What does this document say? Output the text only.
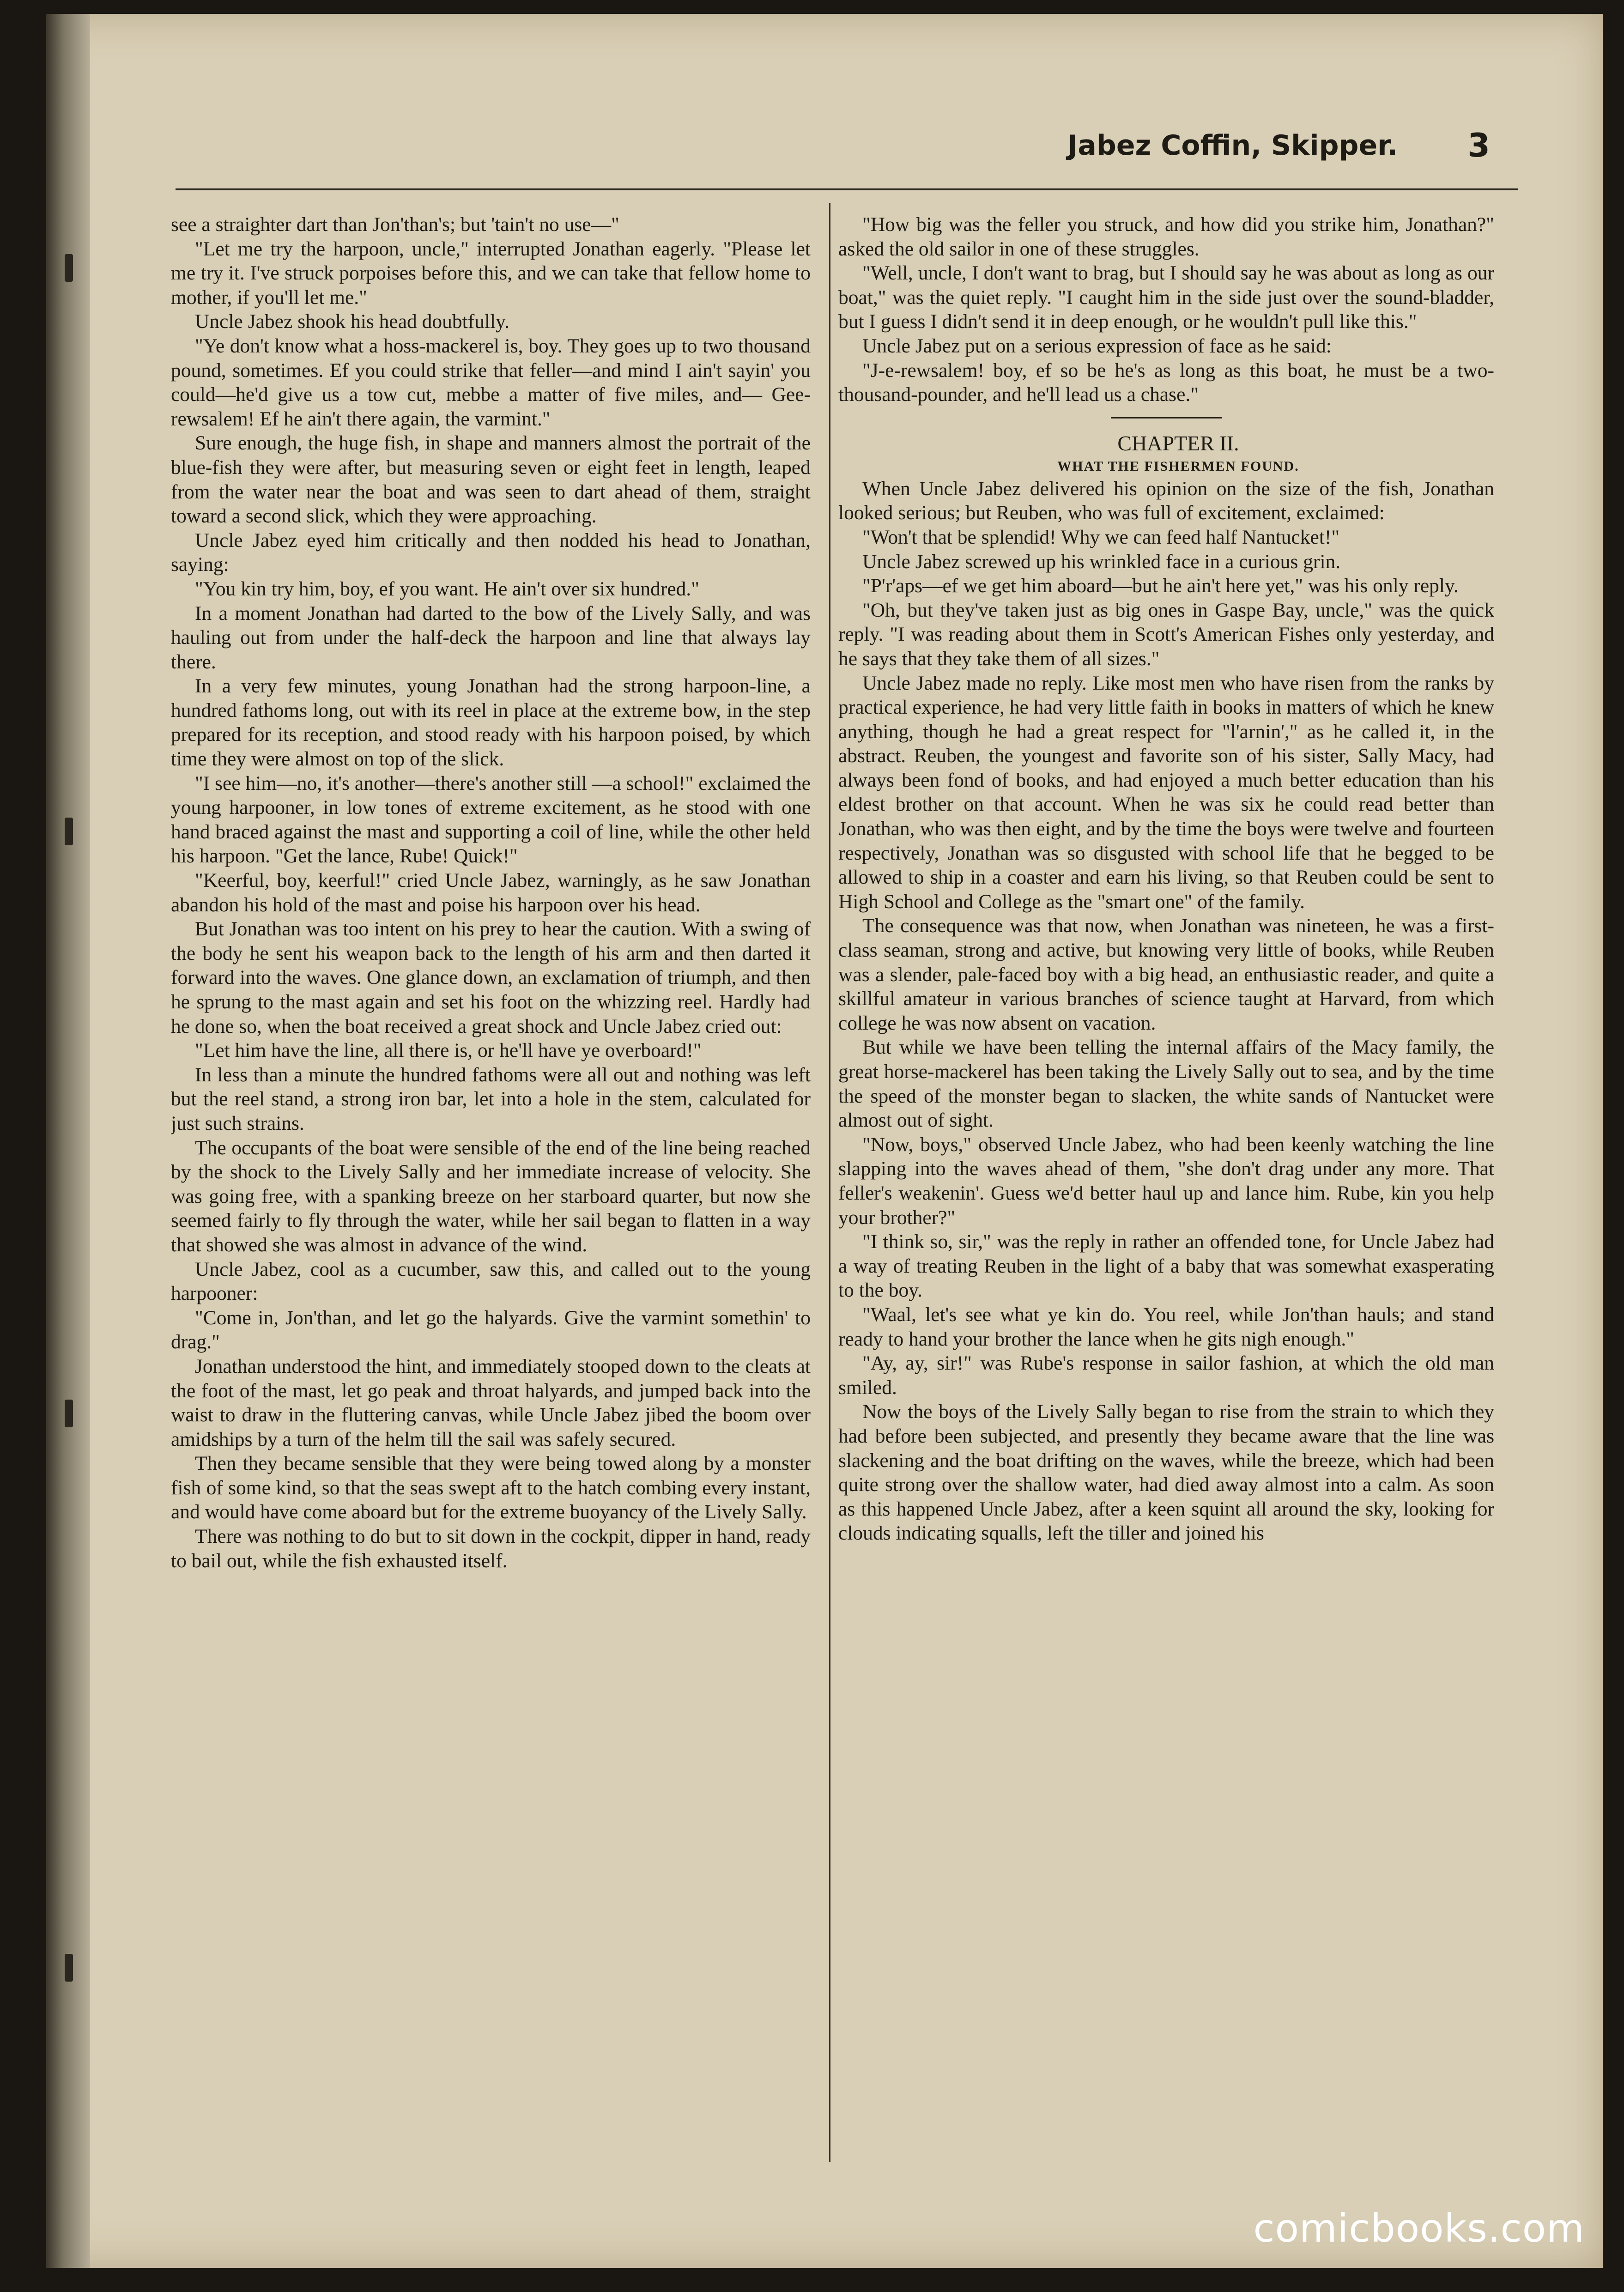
Jabez Coffin, Skipper. 3

see a straighter dart than Jon'than's; but 'tain't no use—"

"Let me try the harpoon, uncle," interrupted Jonathan eagerly. "Please let me try it. I've struck porpoises before this, and we can take that fellow home to mother, if you'll let me."

Uncle Jabez shook his head doubtfully.

"Ye don't know what a hoss-mackerel is, boy. They goes up to two thousand pound, sometimes. Ef you could strike that feller—and mind I ain't sayin' you could—he'd give us a tow cut, mebbe a matter of five miles, and— Gee-rewsalem! Ef he ain't there again, the varmint."

Sure enough, the huge fish, in shape and manners almost the portrait of the blue-fish they were after, but measuring seven or eight feet in length, leaped from the water near the boat and was seen to dart ahead of them, straight toward a second slick, which they were approaching.

Uncle Jabez eyed him critically and then nodded his head to Jonathan, saying:

"You kin try him, boy, ef you want. He ain't over six hundred."

In a moment Jonathan had darted to the bow of the Lively Sally, and was hauling out from under the half-deck the harpoon and line that always lay there.

In a very few minutes, young Jonathan had the strong harpoon-line, a hundred fathoms long, out with its reel in place at the extreme bow, in the step prepared for its reception, and stood ready with his harpoon poised, by which time they were almost on top of the slick.

"I see him—no, it's another—there's another still —a school!" exclaimed the young harpooner, in low tones of extreme excitement, as he stood with one hand braced against the mast and supporting a coil of line, while the other held his harpoon. "Get the lance, Rube! Quick!"

"Keerful, boy, keerful!" cried Uncle Jabez, warningly, as he saw Jonathan abandon his hold of the mast and poise his harpoon over his head.

But Jonathan was too intent on his prey to hear the caution. With a swing of the body he sent his weapon back to the length of his arm and then darted it forward into the waves. One glance down, an exclamation of triumph, and then he sprung to the mast again and set his foot on the whizzing reel. Hardly had he done so, when the boat received a great shock and Uncle Jabez cried out:

"Let him have the line, all there is, or he'll have ye overboard!"

In less than a minute the hundred fathoms were all out and nothing was left but the reel stand, a strong iron bar, let into a hole in the stem, calculated for just such strains.

The occupants of the boat were sensible of the end of the line being reached by the shock to the Lively Sally and her immediate increase of velocity. She was going free, with a spanking breeze on her starboard quarter, but now she seemed fairly to fly through the water, while her sail began to flatten in a way that showed she was almost in advance of the wind.

Uncle Jabez, cool as a cucumber, saw this, and called out to the young harpooner:

"Come in, Jon'than, and let go the halyards. Give the varmint somethin' to drag."

Jonathan understood the hint, and immediately stooped down to the cleats at the foot of the mast, let go peak and throat halyards, and jumped back into the waist to draw in the fluttering canvas, while Uncle Jabez jibed the boom over amidships by a turn of the helm till the sail was safely secured.

Then they became sensible that they were being towed along by a monster fish of some kind, so that the seas swept aft to the hatch combing every instant, and would have come aboard but for the extreme buoyancy of the Lively Sally.

There was nothing to do but to sit down in the cockpit, dipper in hand, ready to bail out, while the fish exhausted itself.

"How big was the feller you struck, and how did you strike him, Jonathan?" asked the old sailor in one of these struggles.

"Well, uncle, I don't want to brag, but I should say he was about as long as our boat," was the quiet reply. "I caught him in the side just over the sound-bladder, but I guess I didn't send it in deep enough, or he wouldn't pull like this."

Uncle Jabez put on a serious expression of face as he said:

"J-e-rewsalem! boy, ef so be he's as long as this boat, he must be a two-thousand-pounder, and he'll lead us a chase."

CHAPTER II.

WHAT THE FISHERMEN FOUND.

When Uncle Jabez delivered his opinion on the size of the fish, Jonathan looked serious; but Reuben, who was full of excitement, exclaimed:

"Won't that be splendid! Why we can feed half Nantucket!"

Uncle Jabez screwed up his wrinkled face in a curious grin.

"P'r'aps—ef we get him aboard—but he ain't here yet," was his only reply.

"Oh, but they've taken just as big ones in Gaspe Bay, uncle," was the quick reply. "I was reading about them in Scott's American Fishes only yesterday, and he says that they take them of all sizes."

Uncle Jabez made no reply. Like most men who have risen from the ranks by practical experience, he had very little faith in books in matters of which he knew anything, though he had a great respect for "l'arnin'," as he called it, in the abstract. Reuben, the youngest and favorite son of his sister, Sally Macy, had always been fond of books, and had enjoyed a much better education than his eldest brother on that account. When he was six he could read better than Jonathan, who was then eight, and by the time the boys were twelve and fourteen respectively, Jonathan was so disgusted with school life that he begged to be allowed to ship in a coaster and earn his living, so that Reuben could be sent to High School and College as the "smart one" of the family.

The consequence was that now, when Jonathan was nineteen, he was a first-class seaman, strong and active, but knowing very little of books, while Reuben was a slender, pale-faced boy with a big head, an enthusiastic reader, and quite a skillful amateur in various branches of science taught at Harvard, from which college he was now absent on vacation.

But while we have been telling the internal affairs of the Macy family, the great horse-mackerel has been taking the Lively Sally out to sea, and by the time the speed of the monster began to slacken, the white sands of Nantucket were almost out of sight.

"Now, boys," observed Uncle Jabez, who had been keenly watching the line slapping into the waves ahead of them, "she don't drag under any more. That feller's weakenin'. Guess we'd better haul up and lance him. Rube, kin you help your brother?"

"I think so, sir," was the reply in rather an offended tone, for Uncle Jabez had a way of treating Reuben in the light of a baby that was somewhat exasperating to the boy.

"Waal, let's see what ye kin do. You reel, while Jon'than hauls; and stand ready to hand your brother the lance when he gits nigh enough."

"Ay, ay, sir!" was Rube's response in sailor fashion, at which the old man smiled.

Now the boys of the Lively Sally began to rise from the strain to which they had before been subjected, and presently they became aware that the line was slackening and the boat drifting on the waves, while the breeze, which had been quite strong over the shallow water, had died away almost into a calm. As soon as this happened Uncle Jabez, after a keen squint all around the sky, looking for clouds indicating squalls, left the tiller and joined his

comicbooks.com
